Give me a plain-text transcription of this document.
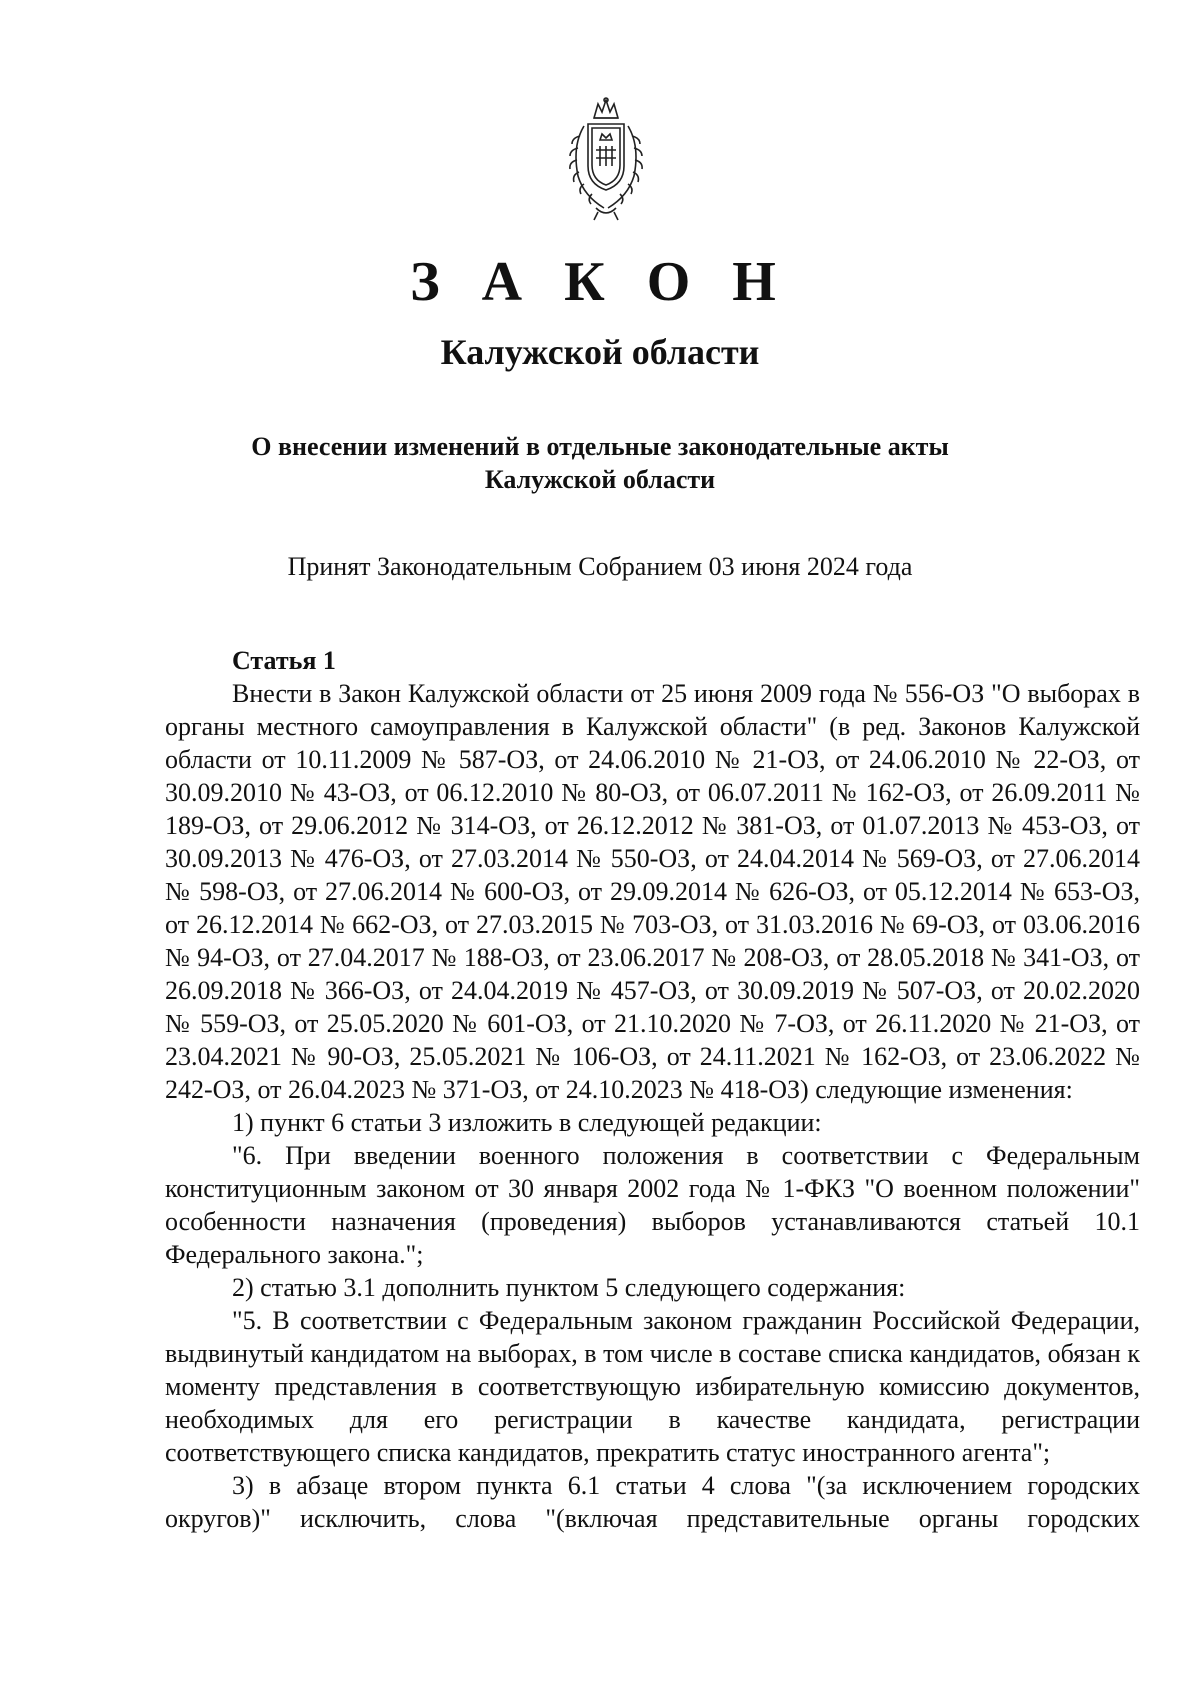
З А К О Н
Калужской области
О внесении изменений в отдельные законодательные акты
Калужской области
Принят Законодательным Собранием 03 июня 2024 года

Статья 1

Внести в Закон Калужской области от 25 июня 2009 года № 556-ОЗ "О выборах в органы местного самоуправления в Калужской области" (в ред. Законов Калужской области от 10.11.2009 № 587-ОЗ, от 24.06.2010 № 21-ОЗ, от 24.06.2010 № 22-ОЗ, от 30.09.2010 № 43-ОЗ, от 06.12.2010 № 80-ОЗ, от 06.07.2011 № 162-ОЗ, от 26.09.2011 № 189-ОЗ, от 29.06.2012 № 314-ОЗ, от 26.12.2012 № 381-ОЗ, от 01.07.2013 № 453-ОЗ, от 30.09.2013 № 476-ОЗ, от 27.03.2014 № 550-ОЗ, от 24.04.2014 № 569-ОЗ, от 27.06.2014 № 598-ОЗ, от 27.06.2014 № 600-ОЗ, от 29.09.2014 № 626-ОЗ, от 05.12.2014 № 653-ОЗ, от 26.12.2014 № 662-ОЗ, от 27.03.2015 № 703-ОЗ, от 31.03.2016 № 69-ОЗ, от 03.06.2016 № 94-ОЗ, от 27.04.2017 № 188-ОЗ, от 23.06.2017 № 208-ОЗ, от 28.05.2018 № 341-ОЗ, от 26.09.2018 № 366-ОЗ, от 24.04.2019 № 457-ОЗ, от 30.09.2019 № 507-ОЗ, от 20.02.2020 № 559-ОЗ, от 25.05.2020 № 601-ОЗ, от 21.10.2020 № 7-ОЗ, от 26.11.2020 № 21-ОЗ, от 23.04.2021 № 90-ОЗ, 25.05.2021 № 106-ОЗ, от 24.11.2021 № 162-ОЗ, от 23.06.2022 № 242-ОЗ, от 26.04.2023 № 371-ОЗ, от 24.10.2023 № 418-ОЗ) следующие изменения:

1) пункт 6 статьи 3 изложить в следующей редакции:

"6. При введении военного положения в соответствии с Федеральным конституционным законом от 30 января 2002 года № 1-ФКЗ "О военном положении" особенности назначения (проведения) выборов устанавливаются статьей 10.1 Федерального закона.";

2) статью 3.1 дополнить пунктом 5 следующего содержания:

"5. В соответствии с Федеральным законом гражданин Российской Федерации, выдвинутый кандидатом на выборах, в том числе в составе списка кандидатов, обязан к моменту представления в соответствующую избирательную комиссию документов, необходимых для его регистрации в качестве кандидата, регистрации соответствующего списка кандидатов, прекратить статус иностранного агента";

3) в абзаце втором пункта 6.1 статьи 4 слова "(за исключением городских округов)" исключить, слова "(включая представительные органы городских
